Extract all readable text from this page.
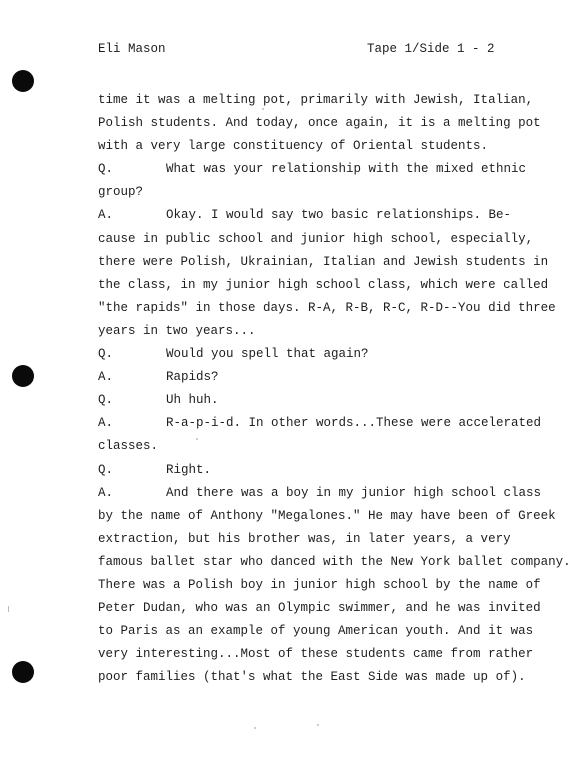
Eli Mason	Tape 1/Side 1 - 2
time it was a melting pot, primarily with Jewish, Italian,
Polish students. And today, once again, it is a melting pot
with a very large constituency of Oriental students.
Q.	What was your relationship with the mixed ethnic
group?
A.	Okay. I would say two basic relationships. Be-
cause in public school and junior high school, especially,
there were Polish, Ukrainian, Italian and Jewish students in
the class, in my junior high school class, which were called
"the rapids" in those days. R-A, R-B, R-C, R-D--You did three
years in two years...
Q.	Would you spell that again?
A.	Rapids?
Q.	Uh huh.
A.	R-a-p-i-d. In other words...These were accelerated
classes.
Q.	Right.
A.	And there was a boy in my junior high school class
by the name of Anthony "Megalones." He may have been of Greek
extraction, but his brother was, in later years, a very
famous ballet star who danced with the New York ballet company.
There was a Polish boy in junior high school by the name of
Peter Dudan, who was an Olympic swimmer, and he was invited
to Paris as an example of young American youth. And it was
very interesting...Most of these students came from rather
poor families (that's what the East Side was made up of).
